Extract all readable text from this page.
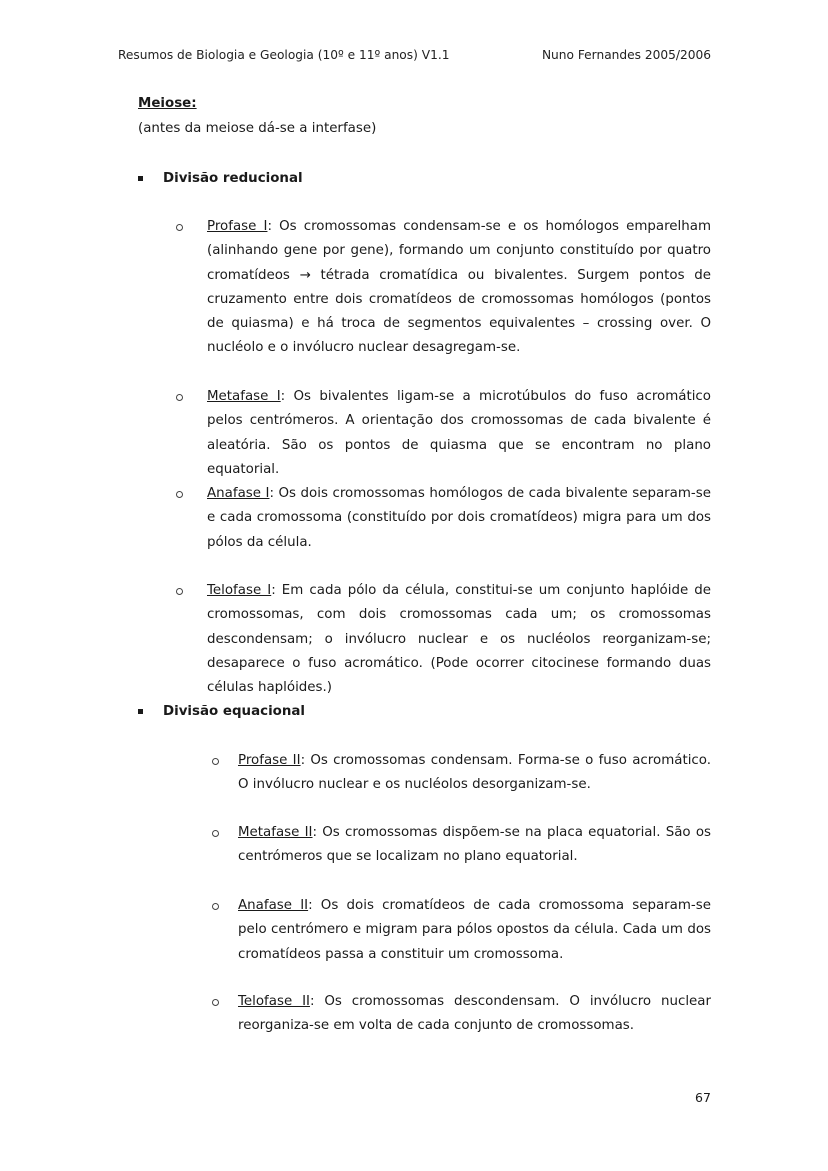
Resumos de Biologia e Geologia (10º e 11º anos) V1.1	Nuno Fernandes 2005/2006
Meiose:
(antes da meiose dá-se a interfase)
Divisão reducional
Profase I: Os cromossomas condensam-se e os homólogos emparelham (alinhando gene por gene), formando um conjunto constituído por quatro cromatídeos → tétrada cromatídica ou bivalentes. Surgem pontos de cruzamento entre dois cromatídeos de cromossomas homólogos (pontos de quiasma) e há troca de segmentos equivalentes – crossing over. O nucléolo e o invólucro nuclear desagregam-se.
Metafase I: Os bivalentes ligam-se a microtúbulos do fuso acromático pelos centrómeros. A orientação dos cromossomas de cada bivalente é aleatória. São os pontos de quiasma que se encontram no plano equatorial.
Anafase I: Os dois cromossomas homólogos de cada bivalente separam-se e cada cromossoma (constituído por dois cromatídeos) migra para um dos pólos da célula.
Telofase I: Em cada pólo da célula, constitui-se um conjunto haplóide de cromossomas, com dois cromossomas cada um; os cromossomas descondensam; o invólucro nuclear e os nucléolos reorganizam-se; desaparece o fuso acromático. (Pode ocorrer citocinese formando duas células haplóides.)
Divisão equacional
Profase II: Os cromossomas condensam. Forma-se o fuso acromático. O invólucro nuclear e os nucléolos desorganizam-se.
Metafase II: Os cromossomas dispõem-se na placa equatorial. São os centrómeros que se localizam no plano equatorial.
Anafase II: Os dois cromatídeos de cada cromossoma separam-se pelo centrómero e migram para pólos opostos da célula. Cada um dos cromatídeos passa a constituir um cromossoma.
Telofase II: Os cromossomas descondensam. O invólucro nuclear reorganiza-se em volta de cada conjunto de cromossomas.
67
